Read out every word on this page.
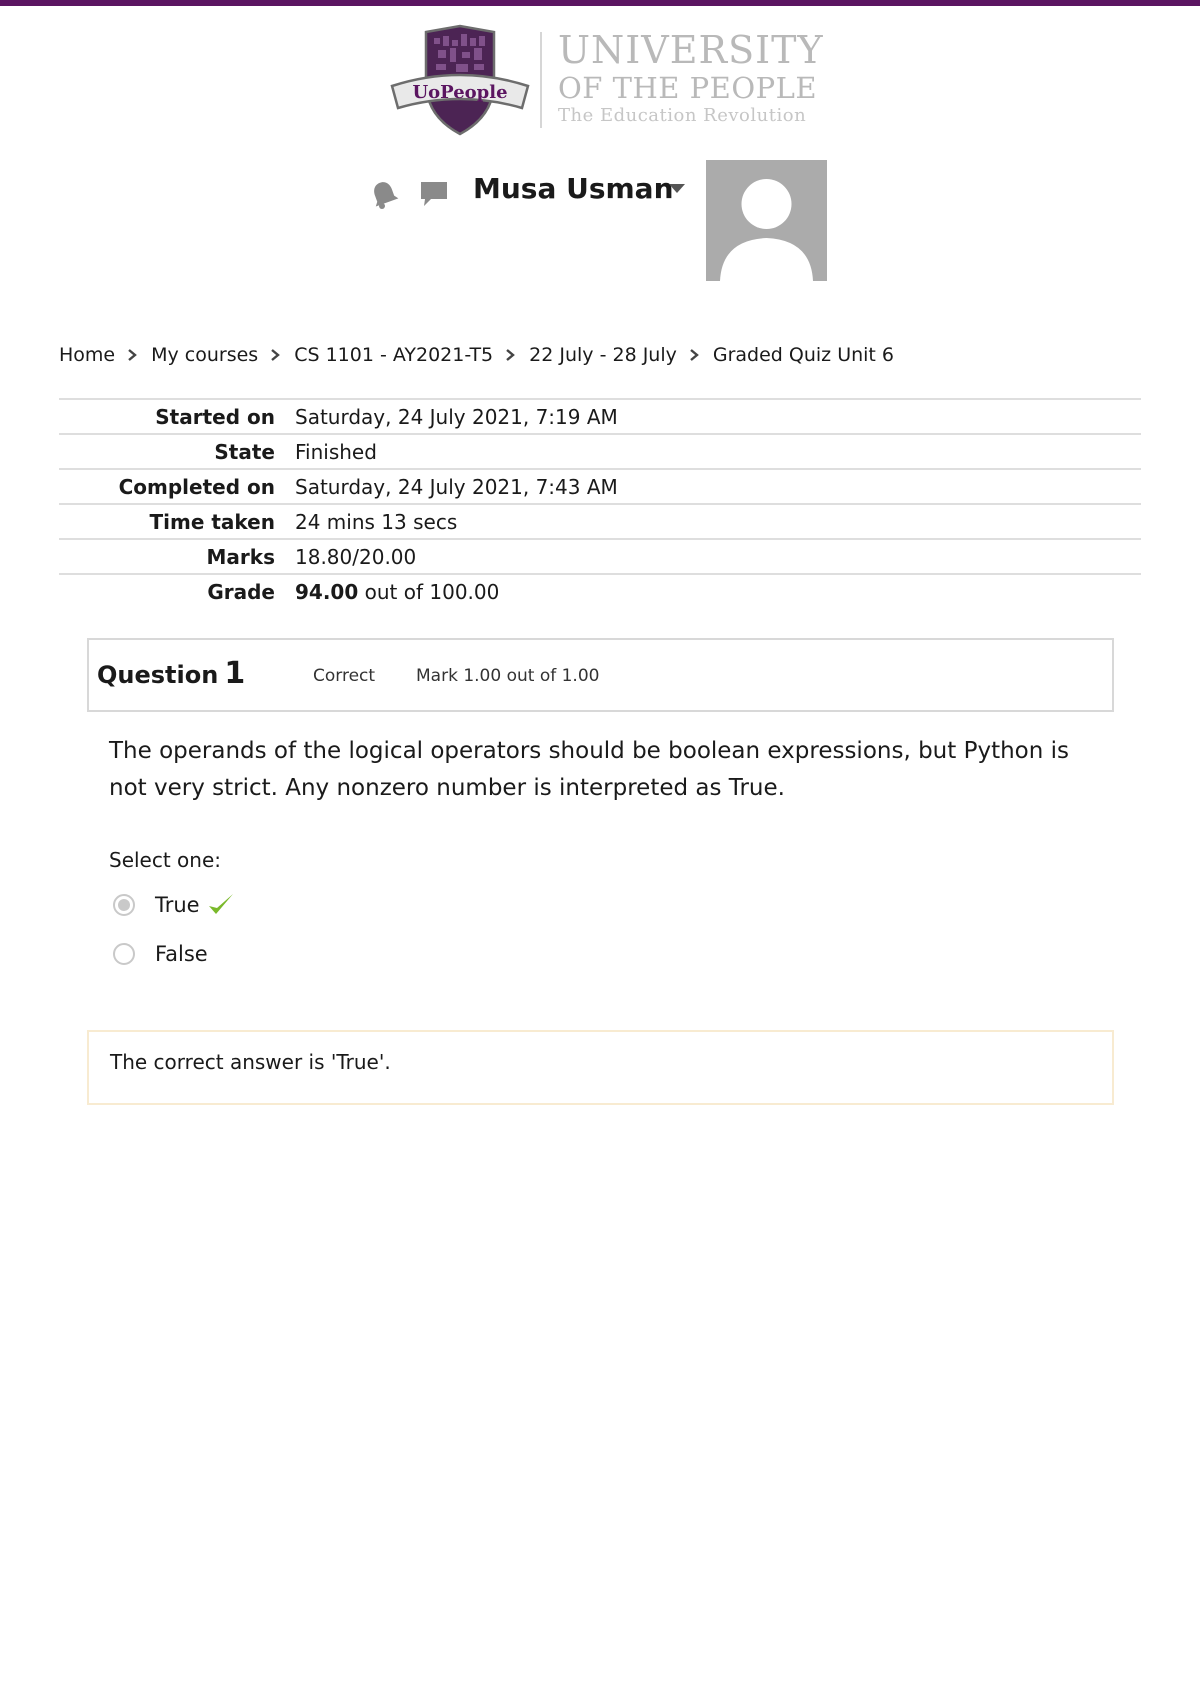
UoPeople
UNIVERSITY
OF THE PEOPLE
The Education Revolution
Musa Usman
Home My courses CS 1101 - AY2021-T5 22 July - 28 July Graded Quiz Unit 6
Started on	Saturday, 24 July 2021, 7:19 AM
State	Finished
Completed on	Saturday, 24 July 2021, 7:43 AM
Time taken	24 mins 13 secs
Marks	18.80/20.00
Grade	94.00 out of 100.00
Question 1	Correct Mark 1.00 out of 1.00
The operands of the logical operators should be boolean expressions, but Python is not very strict. Any nonzero number is interpreted as True.
Select one:
True
False
The correct answer is 'True'.
